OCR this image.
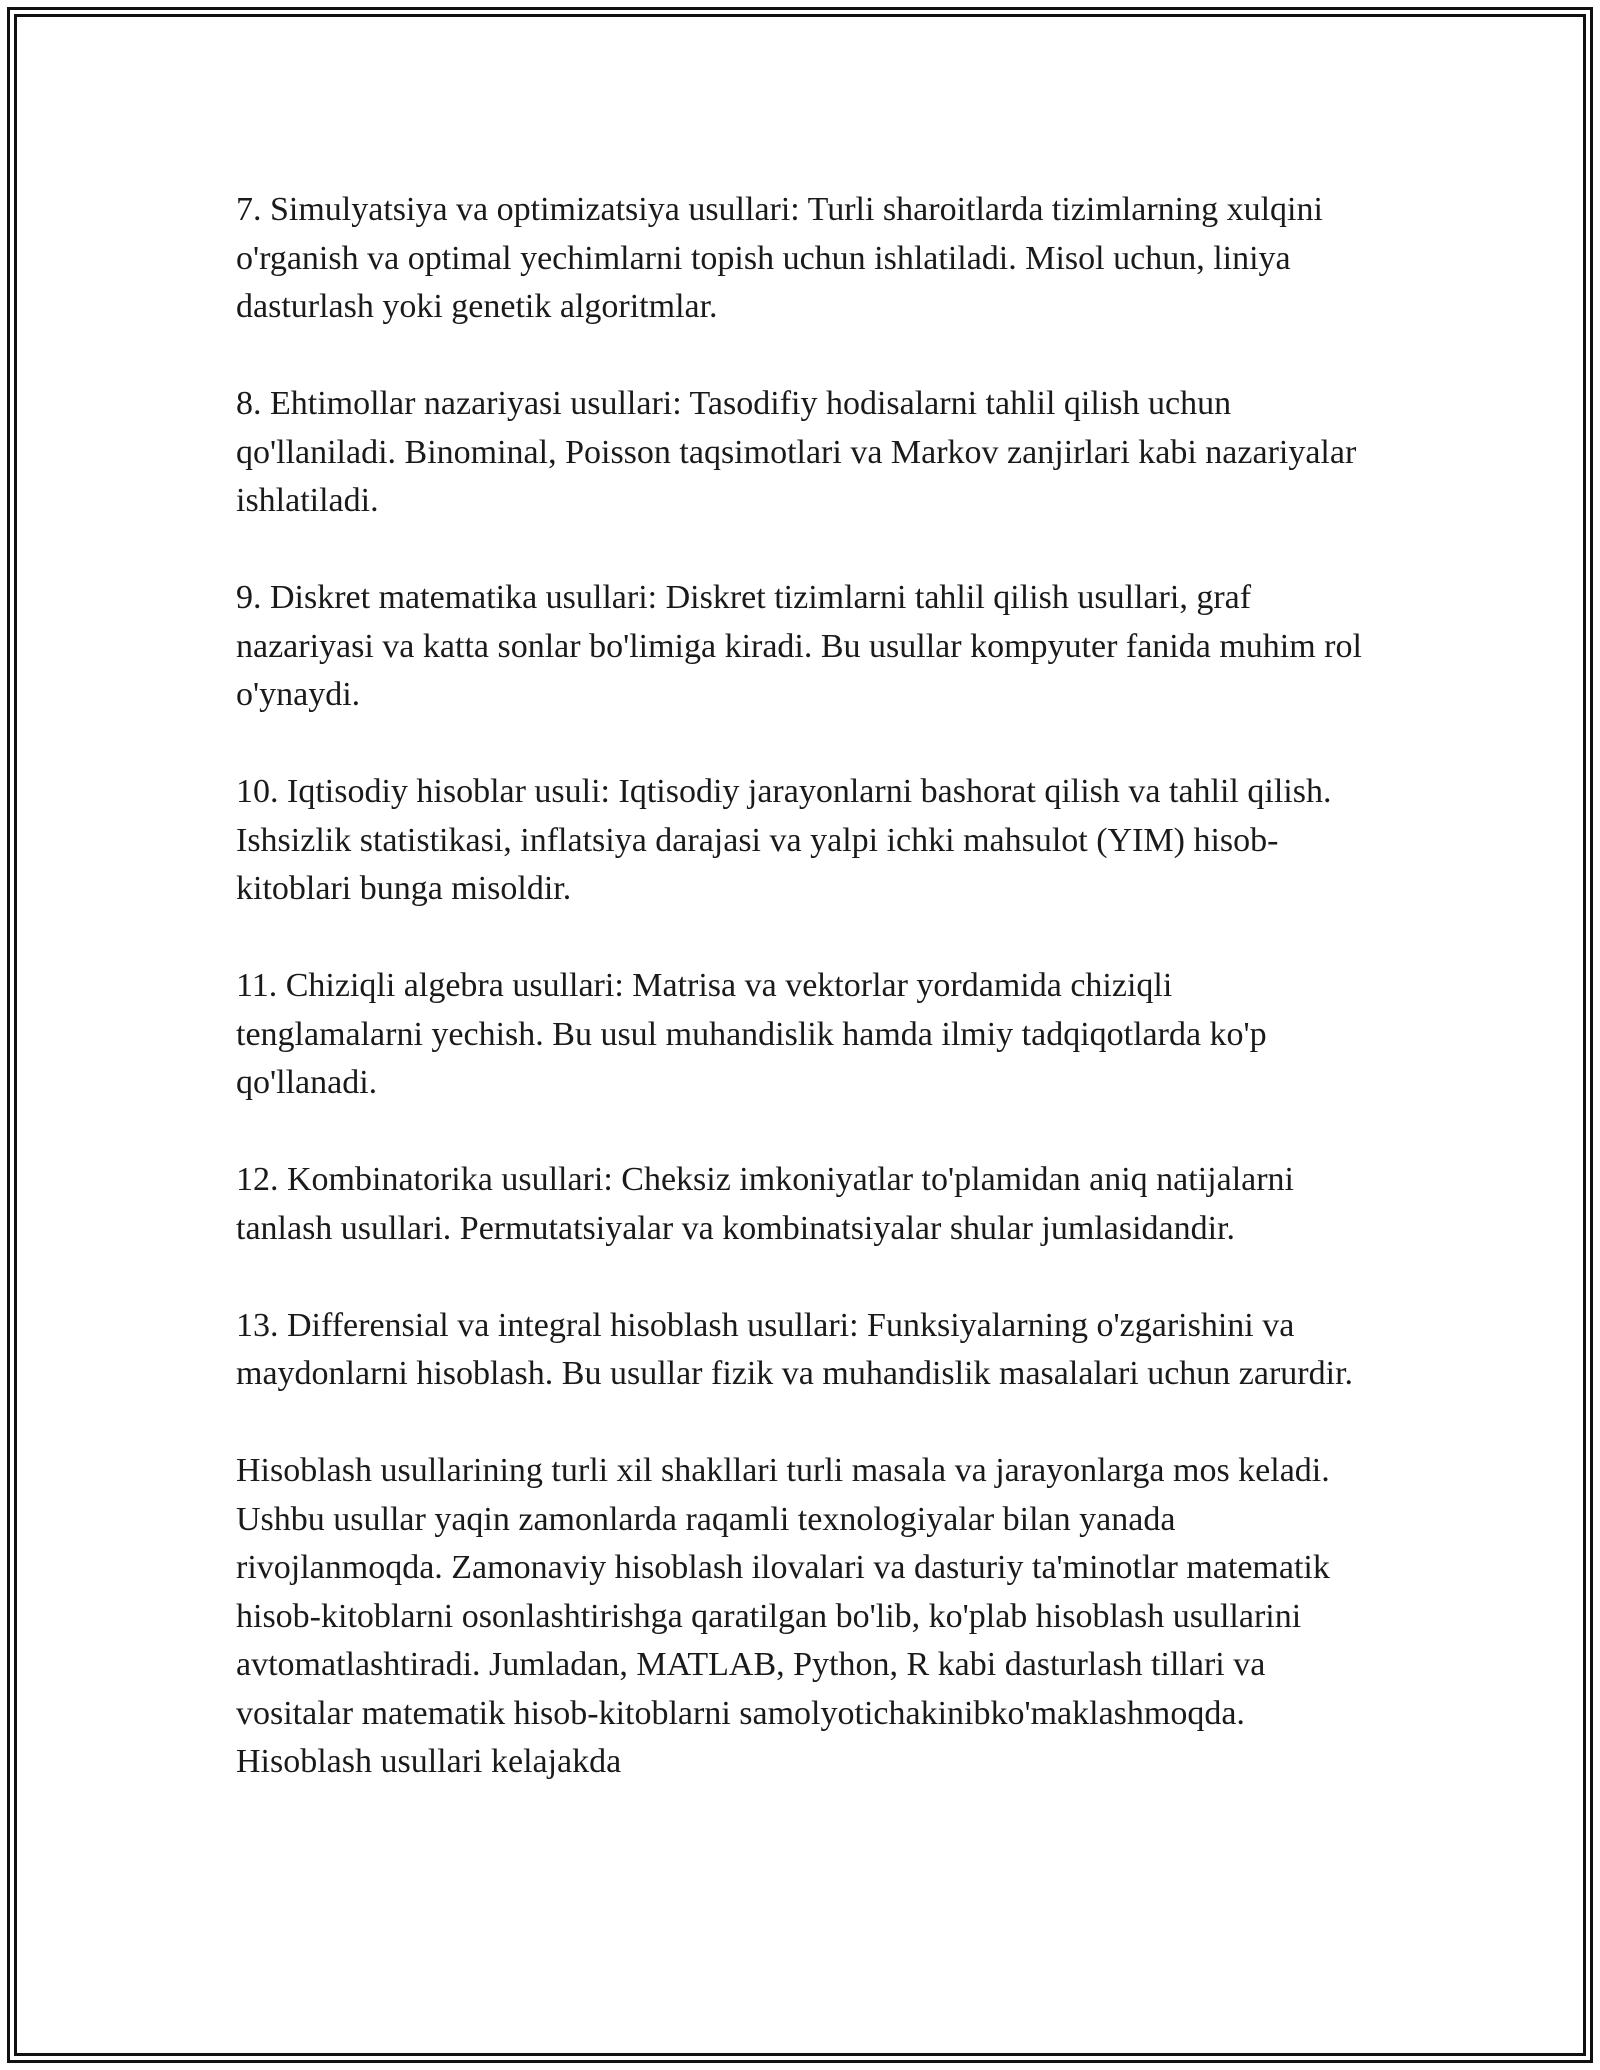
7. Simulyatsiya va optimizatsiya usullari: Turli sharoitlarda tizimlarning xulqini o'rganish va optimal yechimlarni topish uchun ishlatiladi. Misol uchun, liniya dasturlash yoki genetik algoritmlar.

8. Ehtimollar nazariyasi usullari: Tasodifiy hodisalarni tahlil qilish uchun qo'llaniladi. Binominal, Poisson taqsimotlari va Markov zanjirlari kabi nazariyalar ishlatiladi.

9. Diskret matematika usullari: Diskret tizimlarni tahlil qilish usullari, graf nazariyasi va katta sonlar bo'limiga kiradi. Bu usullar kompyuter fanida muhim rol o'ynaydi.

10. Iqtisodiy hisoblar usuli: Iqtisodiy jarayonlarni bashorat qilish va tahlil qilish. Ishsizlik statistikasi, inflatsiya darajasi va yalpi ichki mahsulot (YIM) hisob-kitoblari bunga misoldir.

11. Chiziqli algebra usullari: Matrisa va vektorlar yordamida chiziqli tenglamalarni yechish. Bu usul muhandislik hamda ilmiy tadqiqotlarda ko'p qo'llanadi.

12. Kombinatorika usullari: Cheksiz imkoniyatlar to'plamidan aniq natijalarni tanlash usullari. Permutatsiyalar va kombinatsiyalar shular jumlasidandir.

13. Differensial va integral hisoblash usullari: Funksiyalarning o'zgarishini va maydonlarni hisoblash. Bu usullar fizik va muhandislik masalalari uchun zarurdir.

Hisoblash usullarining turli xil shakllari turli masala va jarayonlarga mos keladi. Ushbu usullar yaqin zamonlarda raqamli texnologiyalar bilan yanada rivojlanmoqda. Zamonaviy hisoblash ilovalari va dasturiy ta'minotlar matematik hisob-kitoblarni osonlashtirishga qaratilgan bo'lib, ko'plab hisoblash usullarini avtomatlashtiradi. Jumladan, MATLAB, Python, R kabi dasturlash tillari va vositalar matematik hisob-kitoblarni samolyotichakinibko'maklashmoqda. Hisoblash usullari kelajakda
